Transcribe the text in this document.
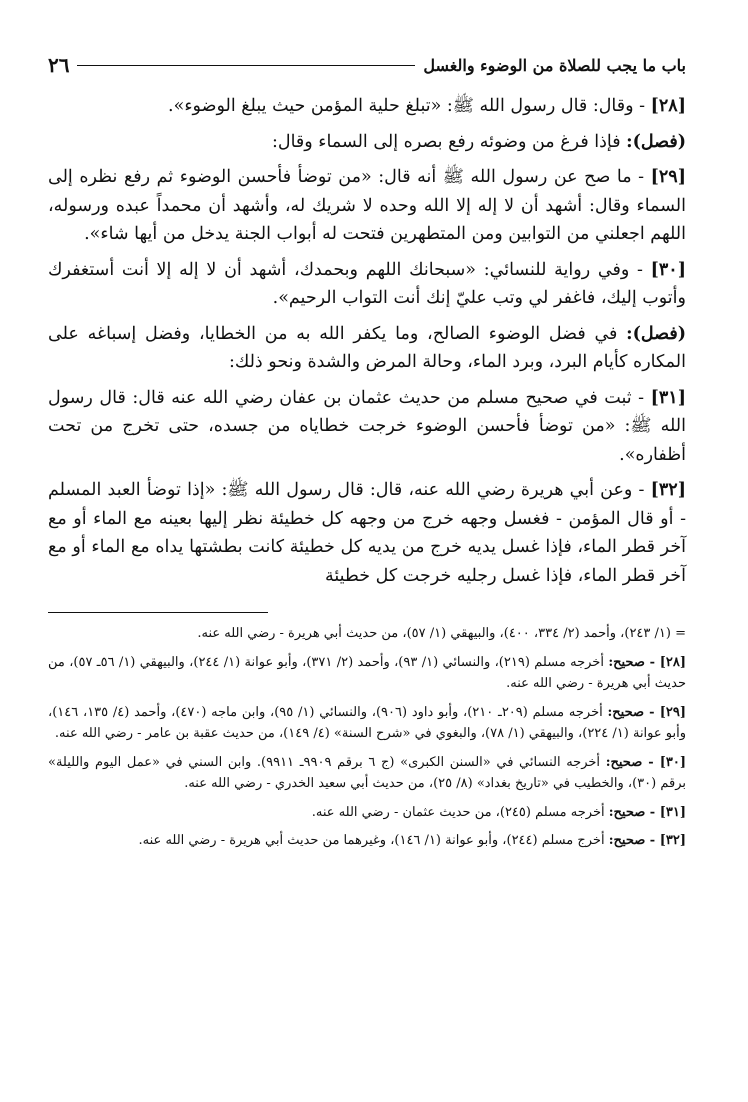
باب ما يجب للصلاة من الوضوء والغسل
٢٦

[٢٨] - وقال: قال رسول الله ﷺ: «تبلغ حلية المؤمن حيث يبلغ الوضوء».

(فصل): فإذا فرغ من وضوئه رفع بصره إلى السماء وقال:

[٢٩] - ما صح عن رسول الله ﷺ أنه قال: «من توضأ فأحسن الوضوء ثم رفع نظره إلى السماء وقال: أشهد أن لا إله إلا الله وحده لا شريك له، وأشهد أن محمداً عبده ورسوله، اللهم اجعلني من التوابين ومن المتطهرين فتحت له أبواب الجنة يدخل من أيها شاء».

[٣٠] - وفي رواية للنسائي: «سبحانك اللهم وبحمدك، أشهد أن لا إله إلا أنت أستغفرك وأتوب إليك، فاغفر لي وتب عليّ إنك أنت التواب الرحيم».

(فصل): في فضل الوضوء الصالح، وما يكفر الله به من الخطايا، وفضل إسباغه على المكاره كأيام البرد، وبرد الماء، وحالة المرض والشدة ونحو ذلك:

[٣١] - ثبت في صحيح مسلم من حديث عثمان بن عفان رضي الله عنه قال: قال رسول الله ﷺ: «من توضأ فأحسن الوضوء خرجت خطاياه من جسده، حتى تخرج من تحت أظفاره».

[٣٢] - وعن أبي هريرة رضي الله عنه، قال: قال رسول الله ﷺ: «إذا توضأ العبد المسلم - أو قال المؤمن - فغسل وجهه خرج من وجهه كل خطيئة نظر إليها بعينه مع الماء أو مع آخر قطر الماء، فإذا غسل يديه خرج من يديه كل خطيئة كانت بطشتها يداه مع الماء أو مع آخر قطر الماء، فإذا غسل رجليه خرجت كل خطيئة

= (١/ ٢٤٣)، وأحمد (٢/ ٣٣٤، ٤٠٠)، والبيهقي (١/ ٥٧)، من حديث أبي هريرة - رضي الله عنه.

[٢٨] - صحيح: أخرجه مسلم (٢١٩)، والنسائي (١/ ٩٣)، وأحمد (٢/ ٣٧١)، وأبو عوانة (١/ ٢٤٤)، والبيهقي (١/ ٥٦ـ ٥٧)، من حديث أبي هريرة - رضي الله عنه.

[٢٩] - صحيح: أخرجه مسلم (٢٠٩ـ ٢١٠)، وأبو داود (٩٠٦)، والنسائي (١/ ٩٥)، وابن ماجه (٤٧٠)، وأحمد (٤/ ١٣٥، ١٤٦)، وأبو عوانة (١/ ٢٢٤)، والبيهقي (١/ ٧٨)، والبغوي في «شرح السنة» (٤/ ١٤٩)، من حديث عقبة بن عامر - رضي الله عنه.

[٣٠] - صحيح: أخرجه النسائي في «السنن الكبرى» (ج ٦ برقم ٩٩٠٩ـ ٩٩١١). وابن السني في «عمل اليوم والليلة» برقم (٣٠)، والخطيب في «تاريخ بغداد» (٨/ ٢٥)، من حديث أبي سعيد الخدري - رضي الله عنه.

[٣١] - صحيح: أخرجه مسلم (٢٤٥)، من حديث عثمان - رضي الله عنه.

[٣٢] - صحيح: أخرج مسلم (٢٤٤)، وأبو عوانة (١/ ١٤٦)، وغيرهما من حديث أبي هريرة - رضي الله عنه.
